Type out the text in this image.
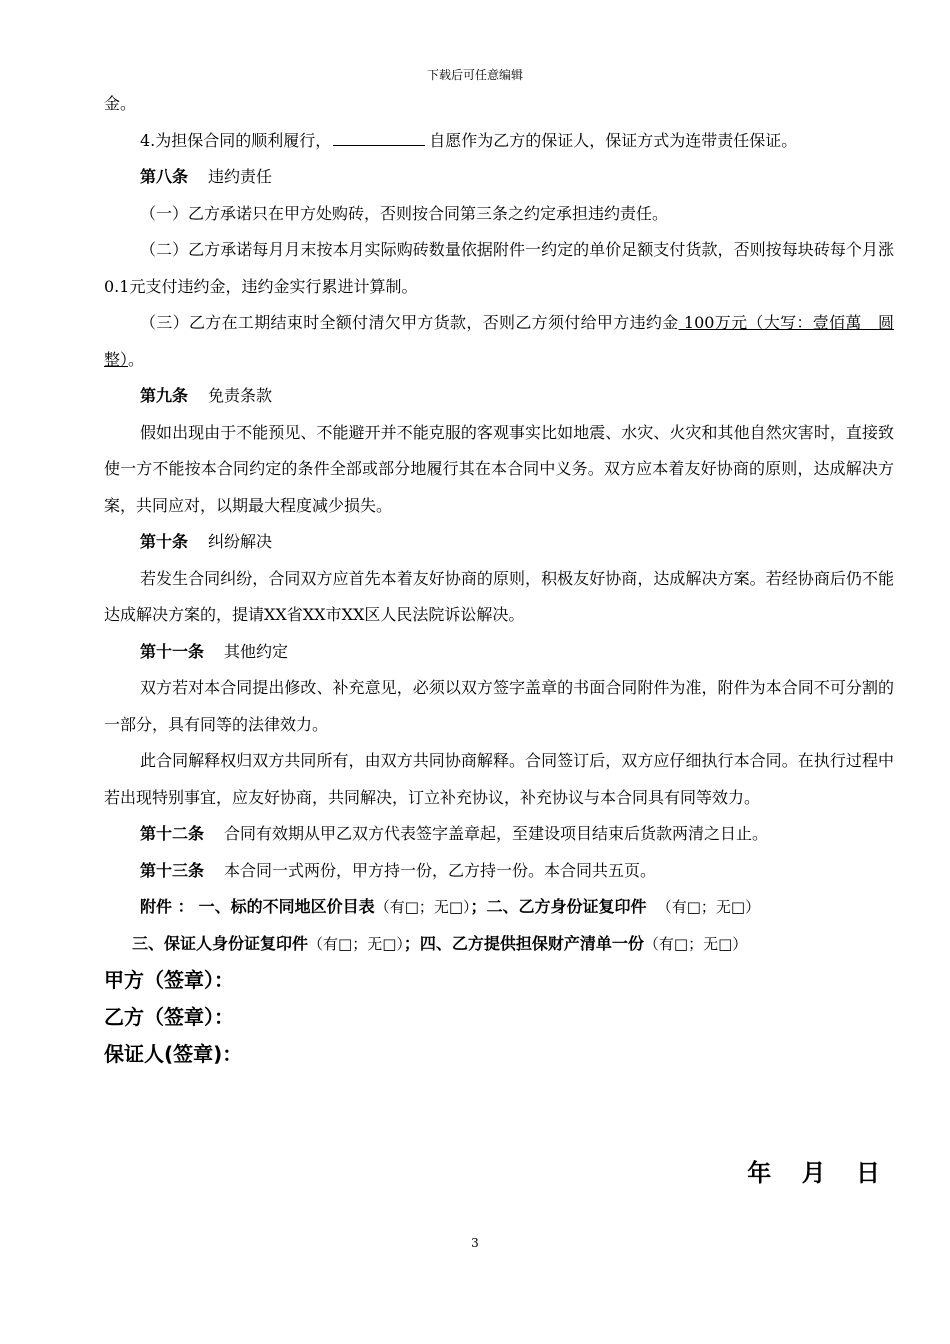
下载后可任意编辑

金。

4.为担保合同的顺利履行，	自愿作为乙方的保证人，保证方式为连带责任保证。

第八条 违约责任

（一）乙方承诺只在甲方处购砖，否则按合同第三条之约定承担违约责任。

（二）乙方承诺每月月末按本月实际购砖数量依据附件一约定的单价足额支付货款，否则按每块砖每个月涨0.1元支付违约金，违约金实行累进计算制。

（三）乙方在工期结束时全额付清欠甲方货款，否则乙方须付给甲方违约金 100万元（大写：壹佰萬　圆整）。

第九条 免责条款

假如出现由于不能预见、不能避开并不能克服的客观事实比如地震、水灾、火灾和其他自然灾害时，直接致使一方不能按本合同约定的条件全部或部分地履行其在本合同中义务。双方应本着友好协商的原则，达成解决方案，共同应对，以期最大程度减少损失。

第十条 纠纷解决

若发生合同纠纷，合同双方应首先本着友好协商的原则，积极友好协商，达成解决方案。若经协商后仍不能达成解决方案的，提请XX省XX市XX区人民法院诉讼解决。

第十一条 其他约定

双方若对本合同提出修改、补充意见，必须以双方签字盖章的书面合同附件为准，附件为本合同不可分割的一部分，具有同等的法律效力。

此合同解释权归双方共同所有，由双方共同协商解释。合同签订后，双方应仔细执行本合同。在执行过程中若出现特别事宜，应友好协商，共同解决，订立补充协议，补充协议与本合同具有同等效力。

第十二条 合同有效期从甲乙双方代表签字盖章起，至建设项目结束后货款两清之日止。

第十三条 本合同一式两份，甲方持一份，乙方持一份。本合同共五页。

附件 ： 一、标的不同地区价目表（有□；无□）；二、乙方身份证复印件 （有□；无□）

三、保证人身份证复印件（有□；无□）；四、乙方提供担保财产清单一份（有□；无□）

甲方（签章）：

乙方（签章）：

保证人(签章)：

年 月 日
3
